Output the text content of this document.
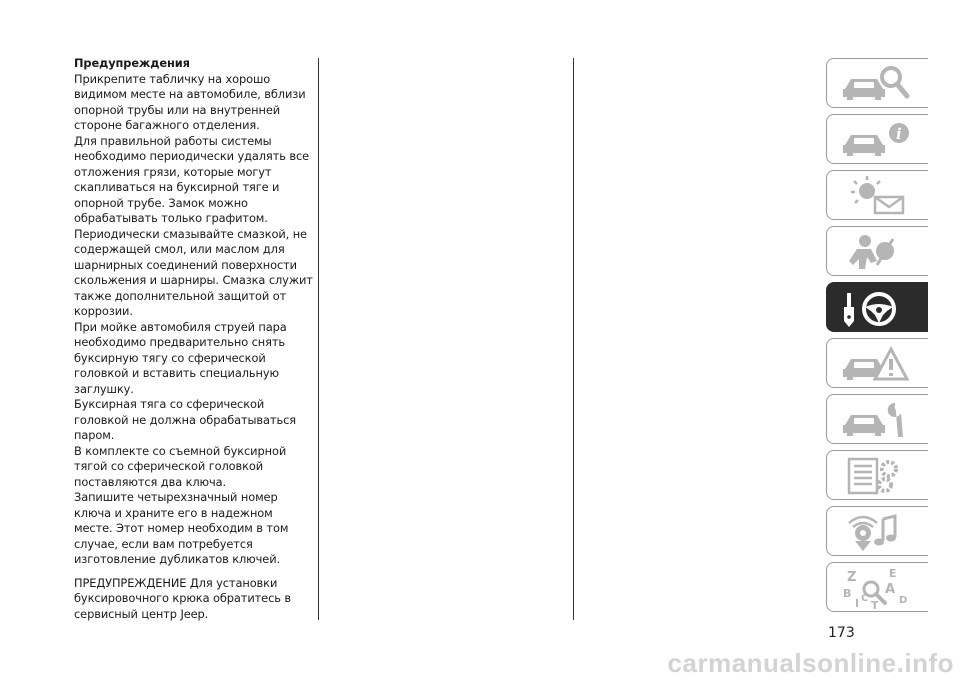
Предупреждения

Прикрепите табличку на хорошо видимом месте на автомобиле, вблизи опорной трубы или на внутренней стороне багажного отделения.

Для правильной работы системы необходимо периодически удалять все отложения грязи, которые могут скапливаться на буксирной тяге и опорной трубе. Замок можно обрабатывать только графитом.

Периодически смазывайте смазкой, не содержащей смол, или маслом для шарнирных соединений поверхности скольжения и шарниры. Смазка служит также дополнительной защитой от коррозии.

При мойке автомобиля струей пара необходимо предварительно снять буксирную тягу со сферической головкой и вставить специальную заглушку.

Буксирная тяга со сферической головкой не должна обрабатываться паром.

В комплекте со съемной буксирной тягой со сферической головкой поставляются два ключа.

Запишите четырехзначный номер ключа и храните его в надежном месте. Этот номер необходим в том случае, если вам потребуется изготовление дубликатов ключей.

ПРЕДУПРЕЖДЕНИЕ Для установки буксировочного крюка обратитесь в сервисный центр Jeep.

i
Z	E
B	A
D
C
T
I
173
carmanualsonline.info
